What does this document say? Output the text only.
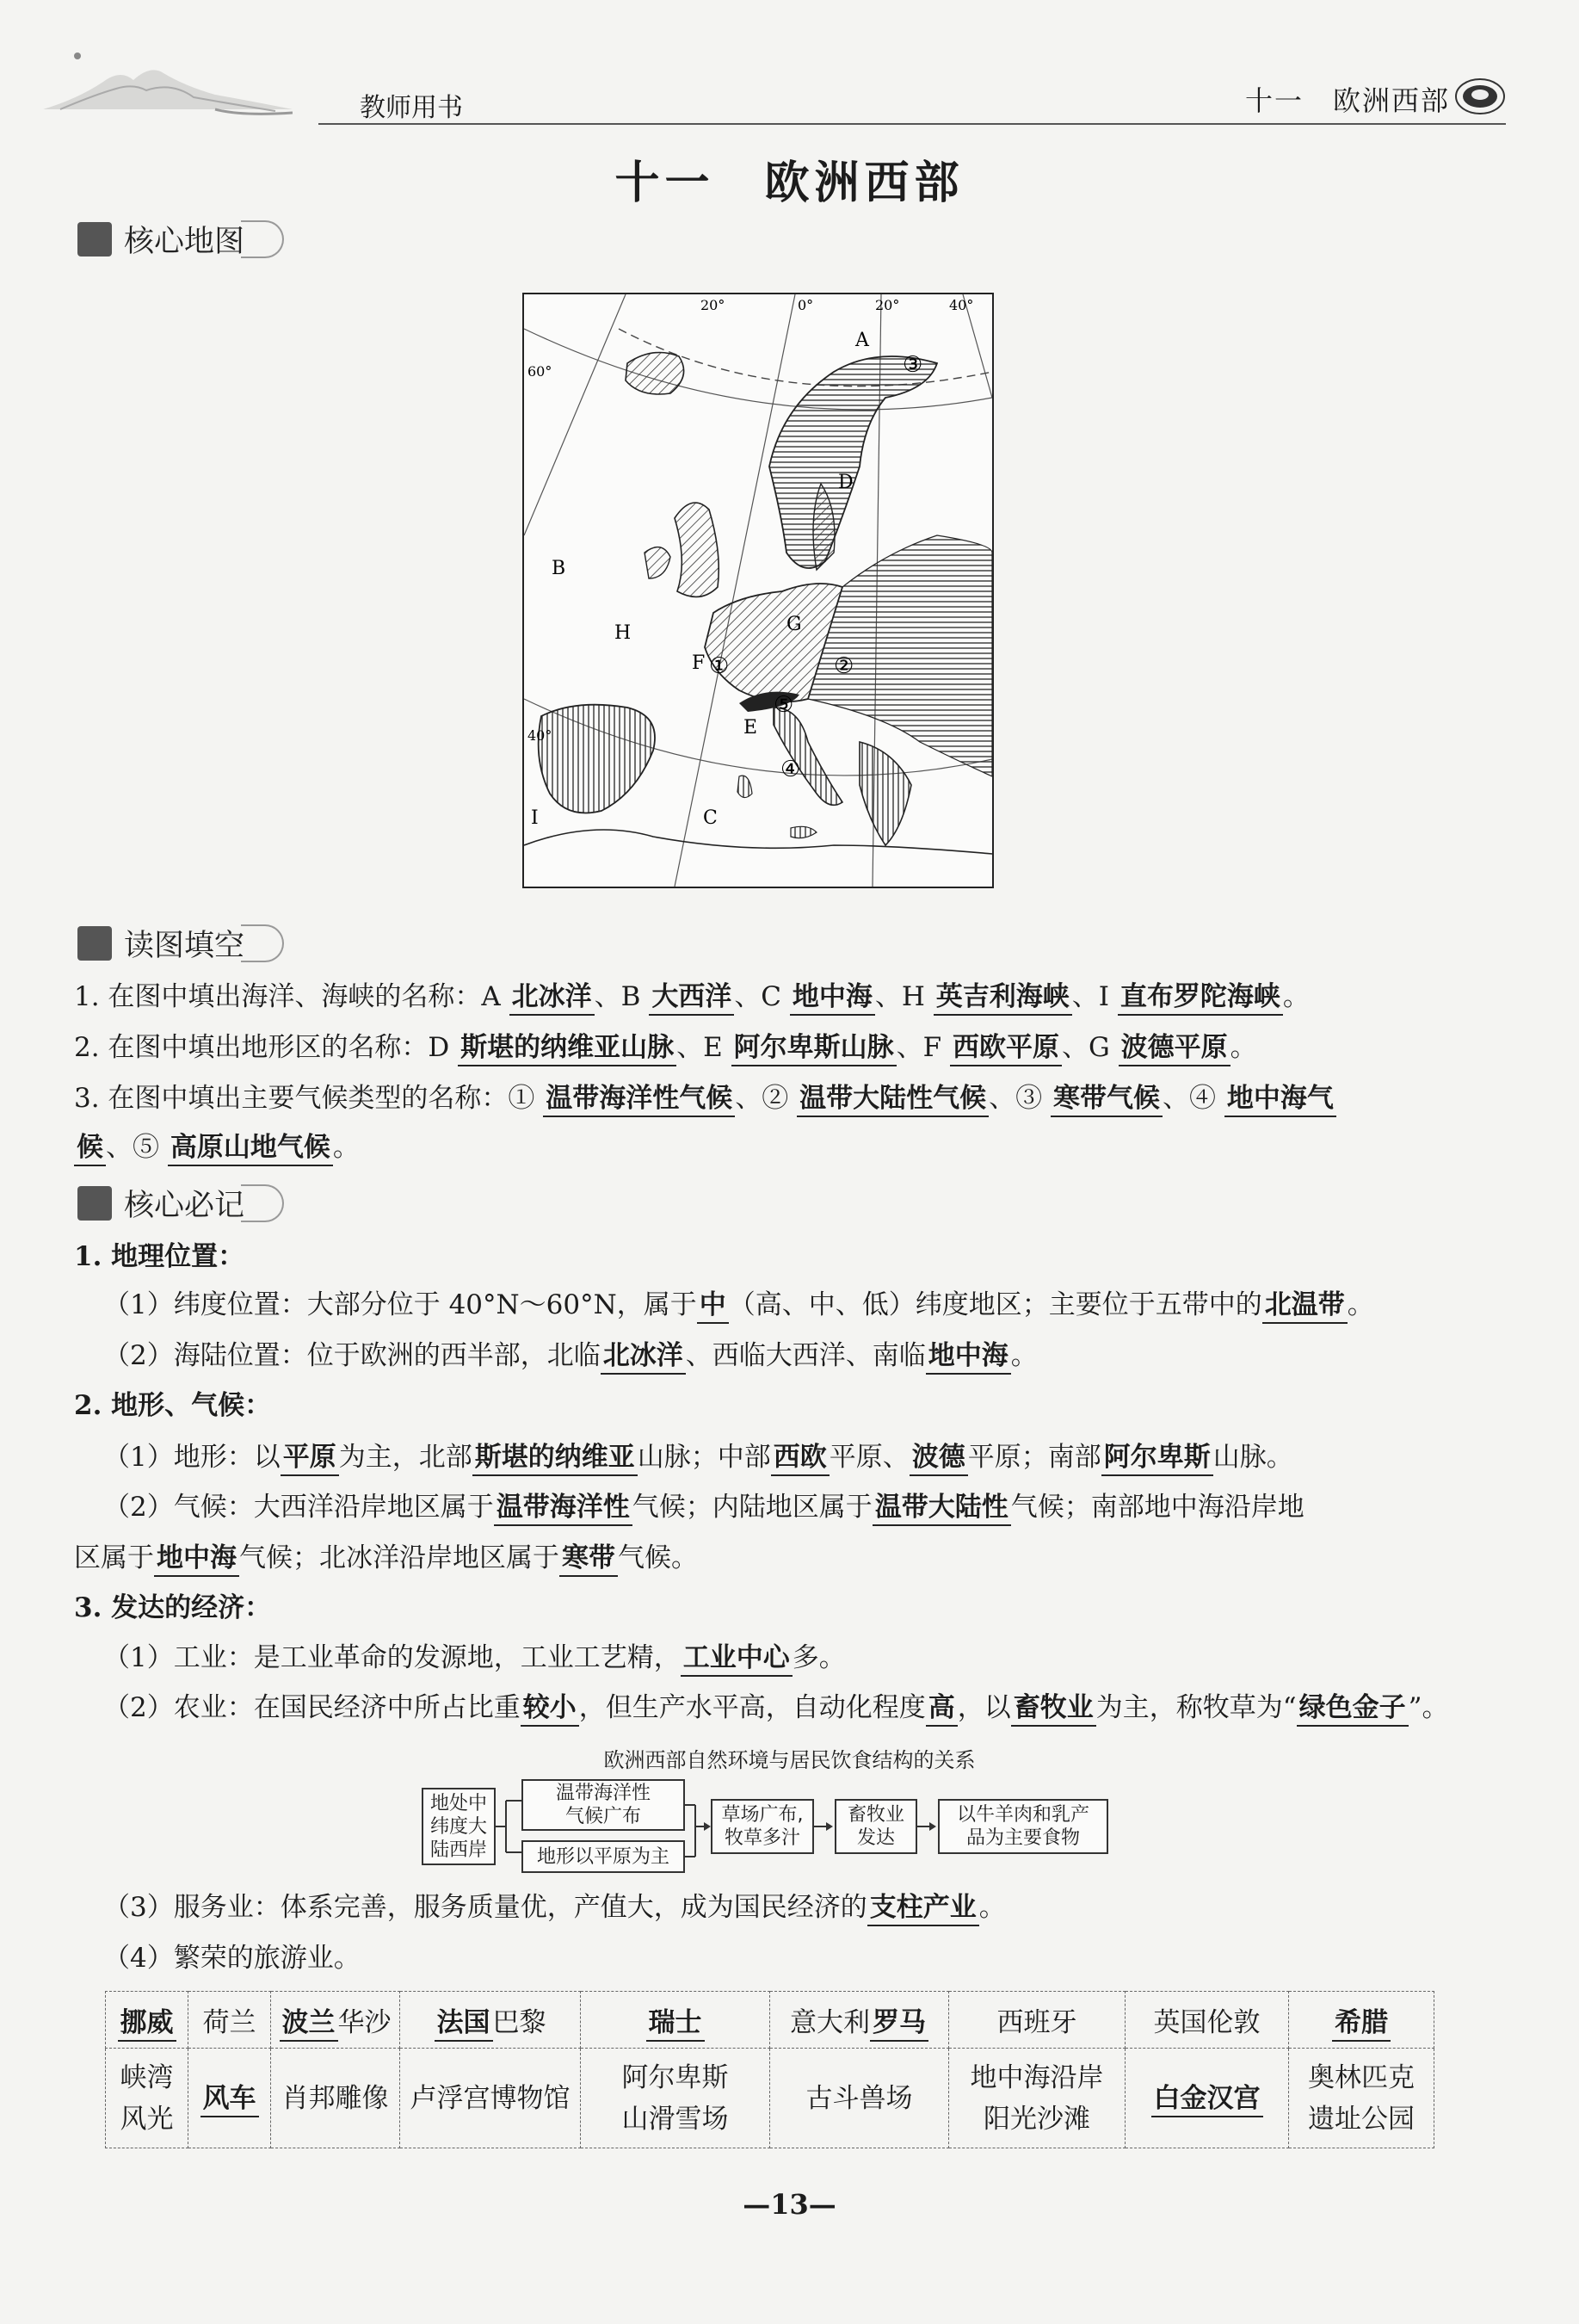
教师用书	十一　欧洲西部
十一　欧洲西部
核心地图
20°	0°	20°	40°
60°
40°
A
B
C
D
E
F
G
H
I
①	②
③
④
⑤
读图填空
1. 在图中填出海洋、海峡的名称：A 北冰洋、B 大西洋、C 地中海、H 英吉利海峡、I 直布罗陀海峡。
2. 在图中填出地形区的名称：D 斯堪的纳维亚山脉、E 阿尔卑斯山脉、F 西欧平原、G 波德平原。
3. 在图中填出主要气候类型的名称：① 温带海洋性气候、② 温带大陆性气候、③ 寒带气候、④ 地中海气
候、⑤ 高原山地气候。
核心必记
1. 地理位置：
（1）纬度位置：大部分位于 40°N～60°N，属于中（高、中、低）纬度地区；主要位于五带中的北温带。
（2）海陆位置：位于欧洲的西半部，北临北冰洋、西临大西洋、南临地中海。
2. 地形、气候：
（1）地形：以平原为主，北部斯堪的纳维亚山脉；中部西欧平原、波德平原；南部阿尔卑斯山脉。
（2）气候：大西洋沿岸地区属于温带海洋性气候；内陆地区属于温带大陆性气候；南部地中海沿岸地
区属于地中海气候；北冰洋沿岸地区属于寒带气候。
3. 发达的经济：
（1）工业：是工业革命的发源地，工业工艺精，工业中心多。
（2）农业：在国民经济中所占比重较小，但生产水平高，自动化程度高，以畜牧业为主，称牧草为“绿色金子”。
欧洲西部自然环境与居民饮食结构的关系
地处中
纬度大
陆西岸
温带海洋性
气候广布
地形以平原为主
草场广布,
牧草多汁
畜牧业
发达
以牛羊肉和乳产
品为主要食物
（3）服务业：体系完善，服务质量优，产值大，成为国民经济的支柱产业。
（4）繁荣的旅游业。
挪威	荷兰	波兰华沙	法国巴黎	瑞士	意大利罗马	西班牙	英国伦敦	希腊
峡湾
风光	风车	肖邦雕像	卢浮宫博物馆	阿尔卑斯
山滑雪场	古斗兽场	地中海沿岸
阳光沙滩	白金汉宫	奥林匹克
遗址公园
—13—
